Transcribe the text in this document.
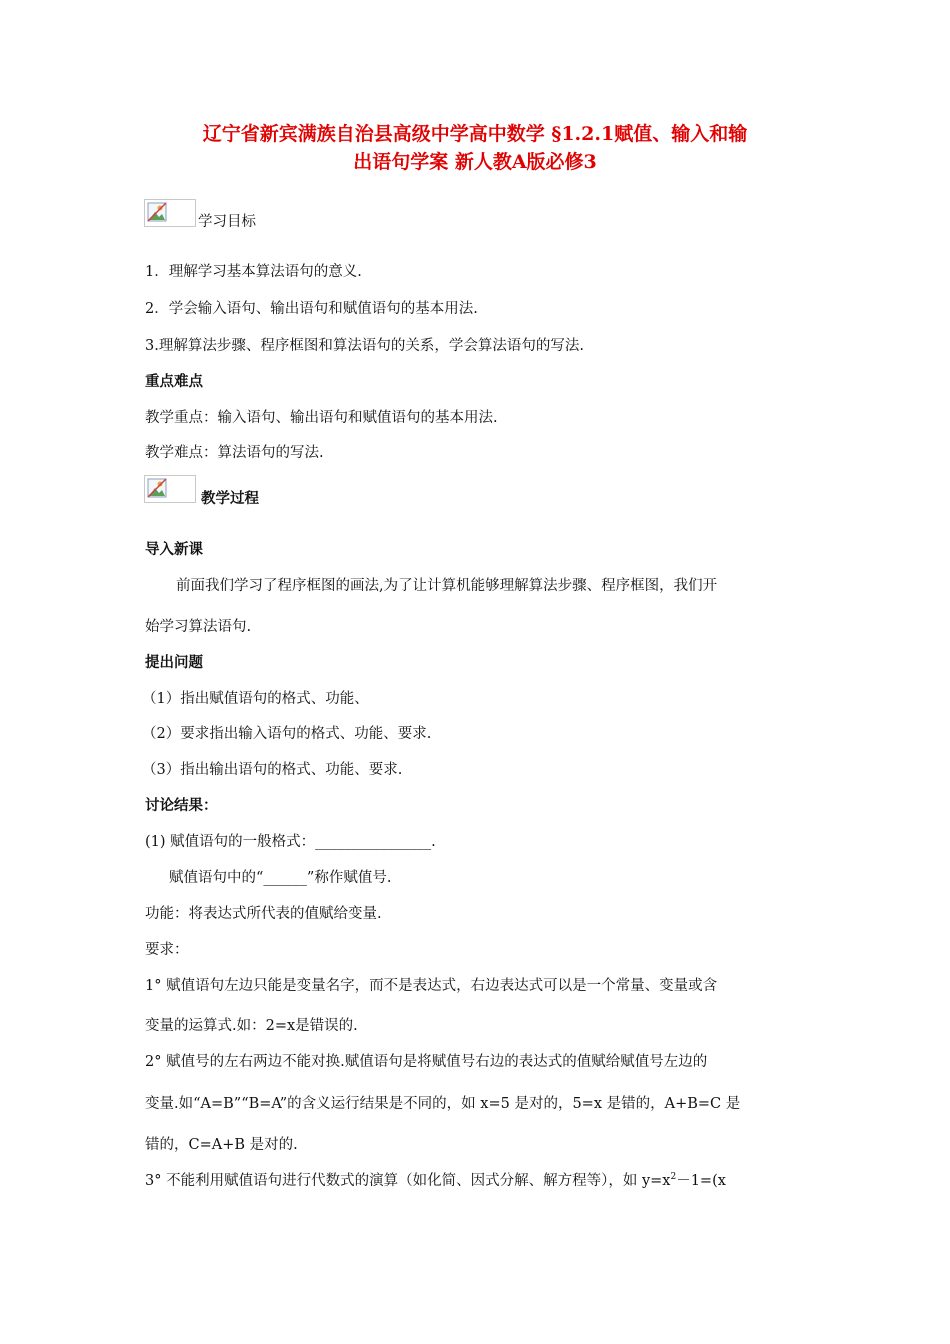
辽宁省新宾满族自治县高级中学高中数学 §1.2.1赋值、输入和输
出语句学案 新人教A版必修3
学习目标
1．理解学习基本算法语句的意义.
2．学会输入语句、输出语句和赋值语句的基本用法.
3.理解算法步骤、程序框图和算法语句的关系，学会算法语句的写法.
重点难点
教学重点：输入语句、输出语句和赋值语句的基本用法.
教学难点：算法语句的写法.
教学过程
导入新课
前面我们学习了程序框图的画法,为了让计算机能够理解算法步骤、程序框图，我们开
始学习算法语句.
提出问题
（1）指出赋值语句的格式、功能、
（2）要求指出输入语句的格式、功能、要求.
（3）指出输出语句的格式、功能、要求.
讨论结果：
(1) 赋值语句的一般格式：________________.
赋值语句中的“______”称作赋值号.
功能：将表达式所代表的值赋给变量.
要求：
1° 赋值语句左边只能是变量名字，而不是表达式，右边表达式可以是一个常量、变量或含
变量的运算式.如：2=x是错误的.
2° 赋值号的左右两边不能对换.赋值语句是将赋值号右边的表达式的值赋给赋值号左边的
变量.如“A=B”“B=A”的含义运行结果是不同的，如 x=5 是对的，5=x 是错的，A+B=C 是
错的，C=A+B 是对的.
3° 不能利用赋值语句进行代数式的演算（如化简、因式分解、解方程等），如 $y=x^2-1=(x$
